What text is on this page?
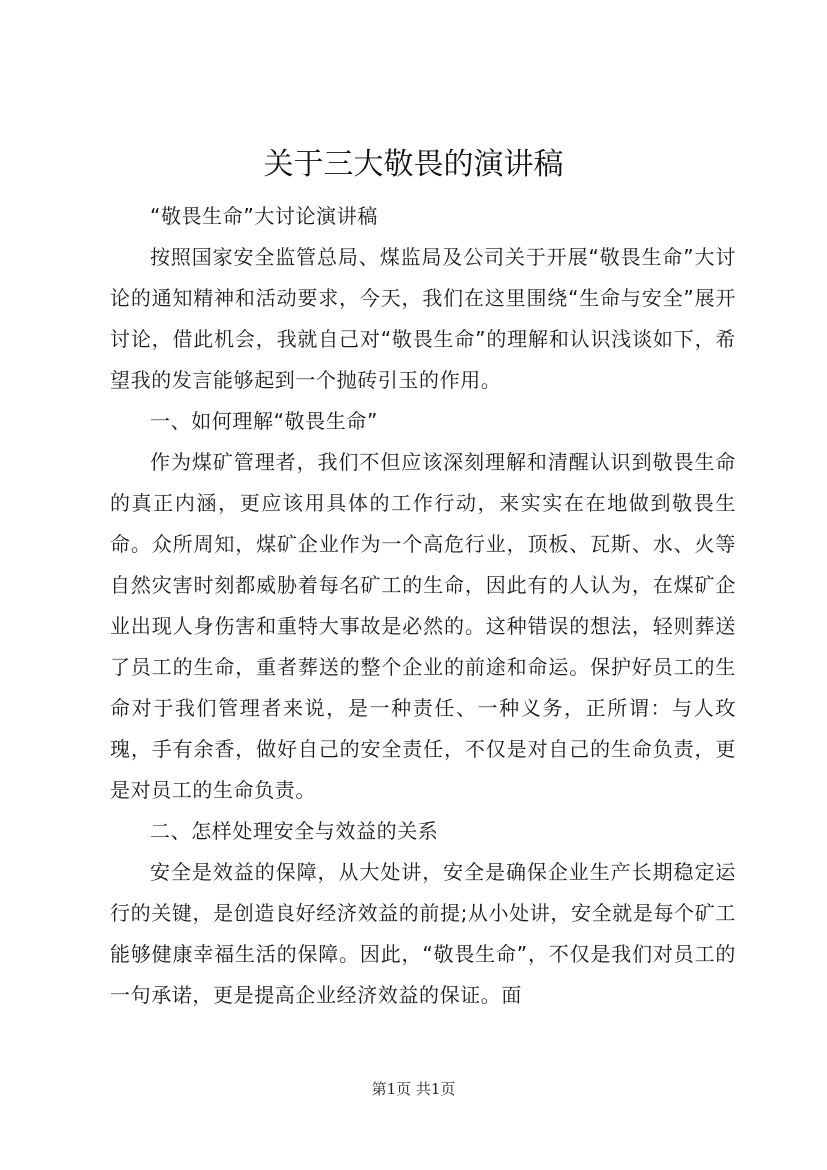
关于三大敬畏的演讲稿

“敬畏生命”大讨论演讲稿

按照国家安全监管总局、煤监局及公司关于开展“敬畏生命”大讨论的通知精神和活动要求，今天，我们在这里围绕“生命与安全”展开讨论，借此机会，我就自己对“敬畏生命”的理解和认识浅谈如下，希望我的发言能够起到一个抛砖引玉的作用。

一、如何理解“敬畏生命”

作为煤矿管理者，我们不但应该深刻理解和清醒认识到敬畏生命的真正内涵，更应该用具体的工作行动，来实实在在地做到敬畏生命。众所周知，煤矿企业作为一个高危行业，顶板、瓦斯、水、火等自然灾害时刻都威胁着每名矿工的生命，因此有的人认为，在煤矿企业出现人身伤害和重特大事故是必然的。这种错误的想法，轻则葬送了员工的生命，重者葬送的整个企业的前途和命运。保护好员工的生命对于我们管理者来说，是一种责任、一种义务，正所谓：与人玫瑰，手有余香，做好自己的安全责任，不仅是对自己的生命负责，更是对员工的生命负责。

二、怎样处理安全与效益的关系

安全是效益的保障，从大处讲，安全是确保企业生产长期稳定运行的关键，是创造良好经济效益的前提;从小处讲，安全就是每个矿工能够健康幸福生活的保障。因此，“敬畏生命”，不仅是我们对员工的一句承诺，更是提高企业经济效益的保证。面

第1页 共1页
